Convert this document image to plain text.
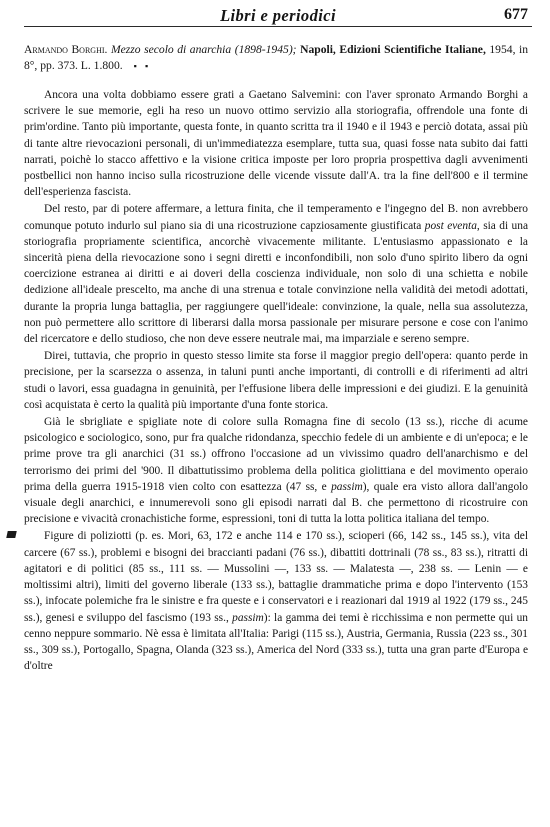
Libri e periodici	677
Armando Borghi. Mezzo secolo di anarchia (1898-1945); Napoli, Edizioni Scientifiche Italiane, 1954, in 8°, pp. 373. L. 1.800. ▪ ▪

Ancora una volta dobbiamo essere grati a Gaetano Salvemini: con l'aver spronato Armando Borghi a scrivere le sue memorie, egli ha reso un nuovo ottimo servizio alla storiografia, offrendole una fonte di prim'ordine. Tanto più importante, questa fonte, in quanto scritta tra il 1940 e il 1943 e perciò dotata, assai più di tante altre rievocazioni personali, di un'immediatezza esemplare, tutta sua, quasi fosse nata subito dai fatti narrati, poichè lo stacco affettivo e la visione critica imposte per loro propria prospettiva dagli avvenimenti postbellici non hanno inciso sulla ricostruzione delle vicende vissute dall'A. tra la fine dell'800 e il termine dell'esperienza fascista.

Del resto, par di potere affermare, a lettura finita, che il temperamento e l'ingegno del B. non avrebbero comunque potuto indurlo sul piano sia di una ricostruzione capziosamente giustificata post eventa, sia di una storiografia propriamente scientifica, ancorchè vivacemente militante. L'entusiasmo appassionato e la sincerità piena della rievocazione sono i segni diretti e inconfondibili, non solo d'uno spirito libero da ogni coercizione estranea ai diritti e ai doveri della coscienza individuale, non solo di una schietta e nobile dedizione all'ideale prescelto, ma anche di una strenua e totale convinzione nella validità dei metodi adottati, durante la propria lunga battaglia, per raggiungere quell'ideale: convinzione, la quale, nella sua assolutezza, non può permettere allo scrittore di liberarsi dalla morsa passionale per misurare persone e cose con l'animo del ricercatore e dello studioso, che non deve essere neutrale mai, ma imparziale e sereno sempre.

Direi, tuttavia, che proprio in questo stesso limite sta forse il maggior pregio dell'opera: quanto perde in precisione, per la scarsezza o assenza, in taluni punti anche importanti, di controlli e di riferimenti ad altri studi o lavori, essa guadagna in genuinità, per l'effusione libera delle impressioni e dei giudizi. E la genuinità così acquistata è certo la qualità più importante d'una fonte storica.

Già le sbrigliate e spigliate note di colore sulla Romagna fine di secolo (13 ss.), ricche di acume psicologico e sociologico, sono, pur fra qualche ridondanza, specchio fedele di un ambiente e di un'epoca; e le prime prove tra gli anarchici (31 ss.) offrono l'occasione ad un vivissimo quadro dell'anarchismo e del terrorismo dei primi del '900. Il dibattutissimo problema della politica giolittiana e del movimento operaio prima della guerra 1915-1918 vien colto con esattezza (47 ss, e passim), quale era visto allora dall'angolo visuale degli anarchici, e innumerevoli sono gli episodi narrati dal B. che permettono di ricostruire con precisione e vivacità cronachistiche forme, espressioni, toni di tutta la lotta politica italiana del tempo.

Figure di poliziotti (p. es. Mori, 63, 172 e anche 114 e 170 ss.), scioperi (66, 142 ss., 145 ss.), vita del carcere (67 ss.), problemi e bisogni dei braccianti padani (76 ss.), dibattiti dottrinali (78 ss., 83 ss.), ritratti di agitatori e di politici (85 ss., 111 ss. — Mussolini —, 133 ss. — Malatesta —, 238 ss. — Lenin — e moltissimi altri), limiti del governo liberale (133 ss.), battaglie drammatiche prima e dopo l'intervento (153 ss.), infocate polemiche fra le sinistre e fra queste e i conservatori e i reazionari dal 1919 al 1922 (179 ss., 245 ss.), genesi e sviluppo del fascismo (193 ss., passim): la gamma dei temi è ricchissima e non permette qui un cenno neppure sommario. Nè essa è limitata all'Italia: Parigi (115 ss.), Austria, Germania, Russia (223 ss., 301 ss., 309 ss.), Portogallo, Spagna, Olanda (323 ss.), America del Nord (333 ss.), tutta una gran parte d'Europa e d'oltre
